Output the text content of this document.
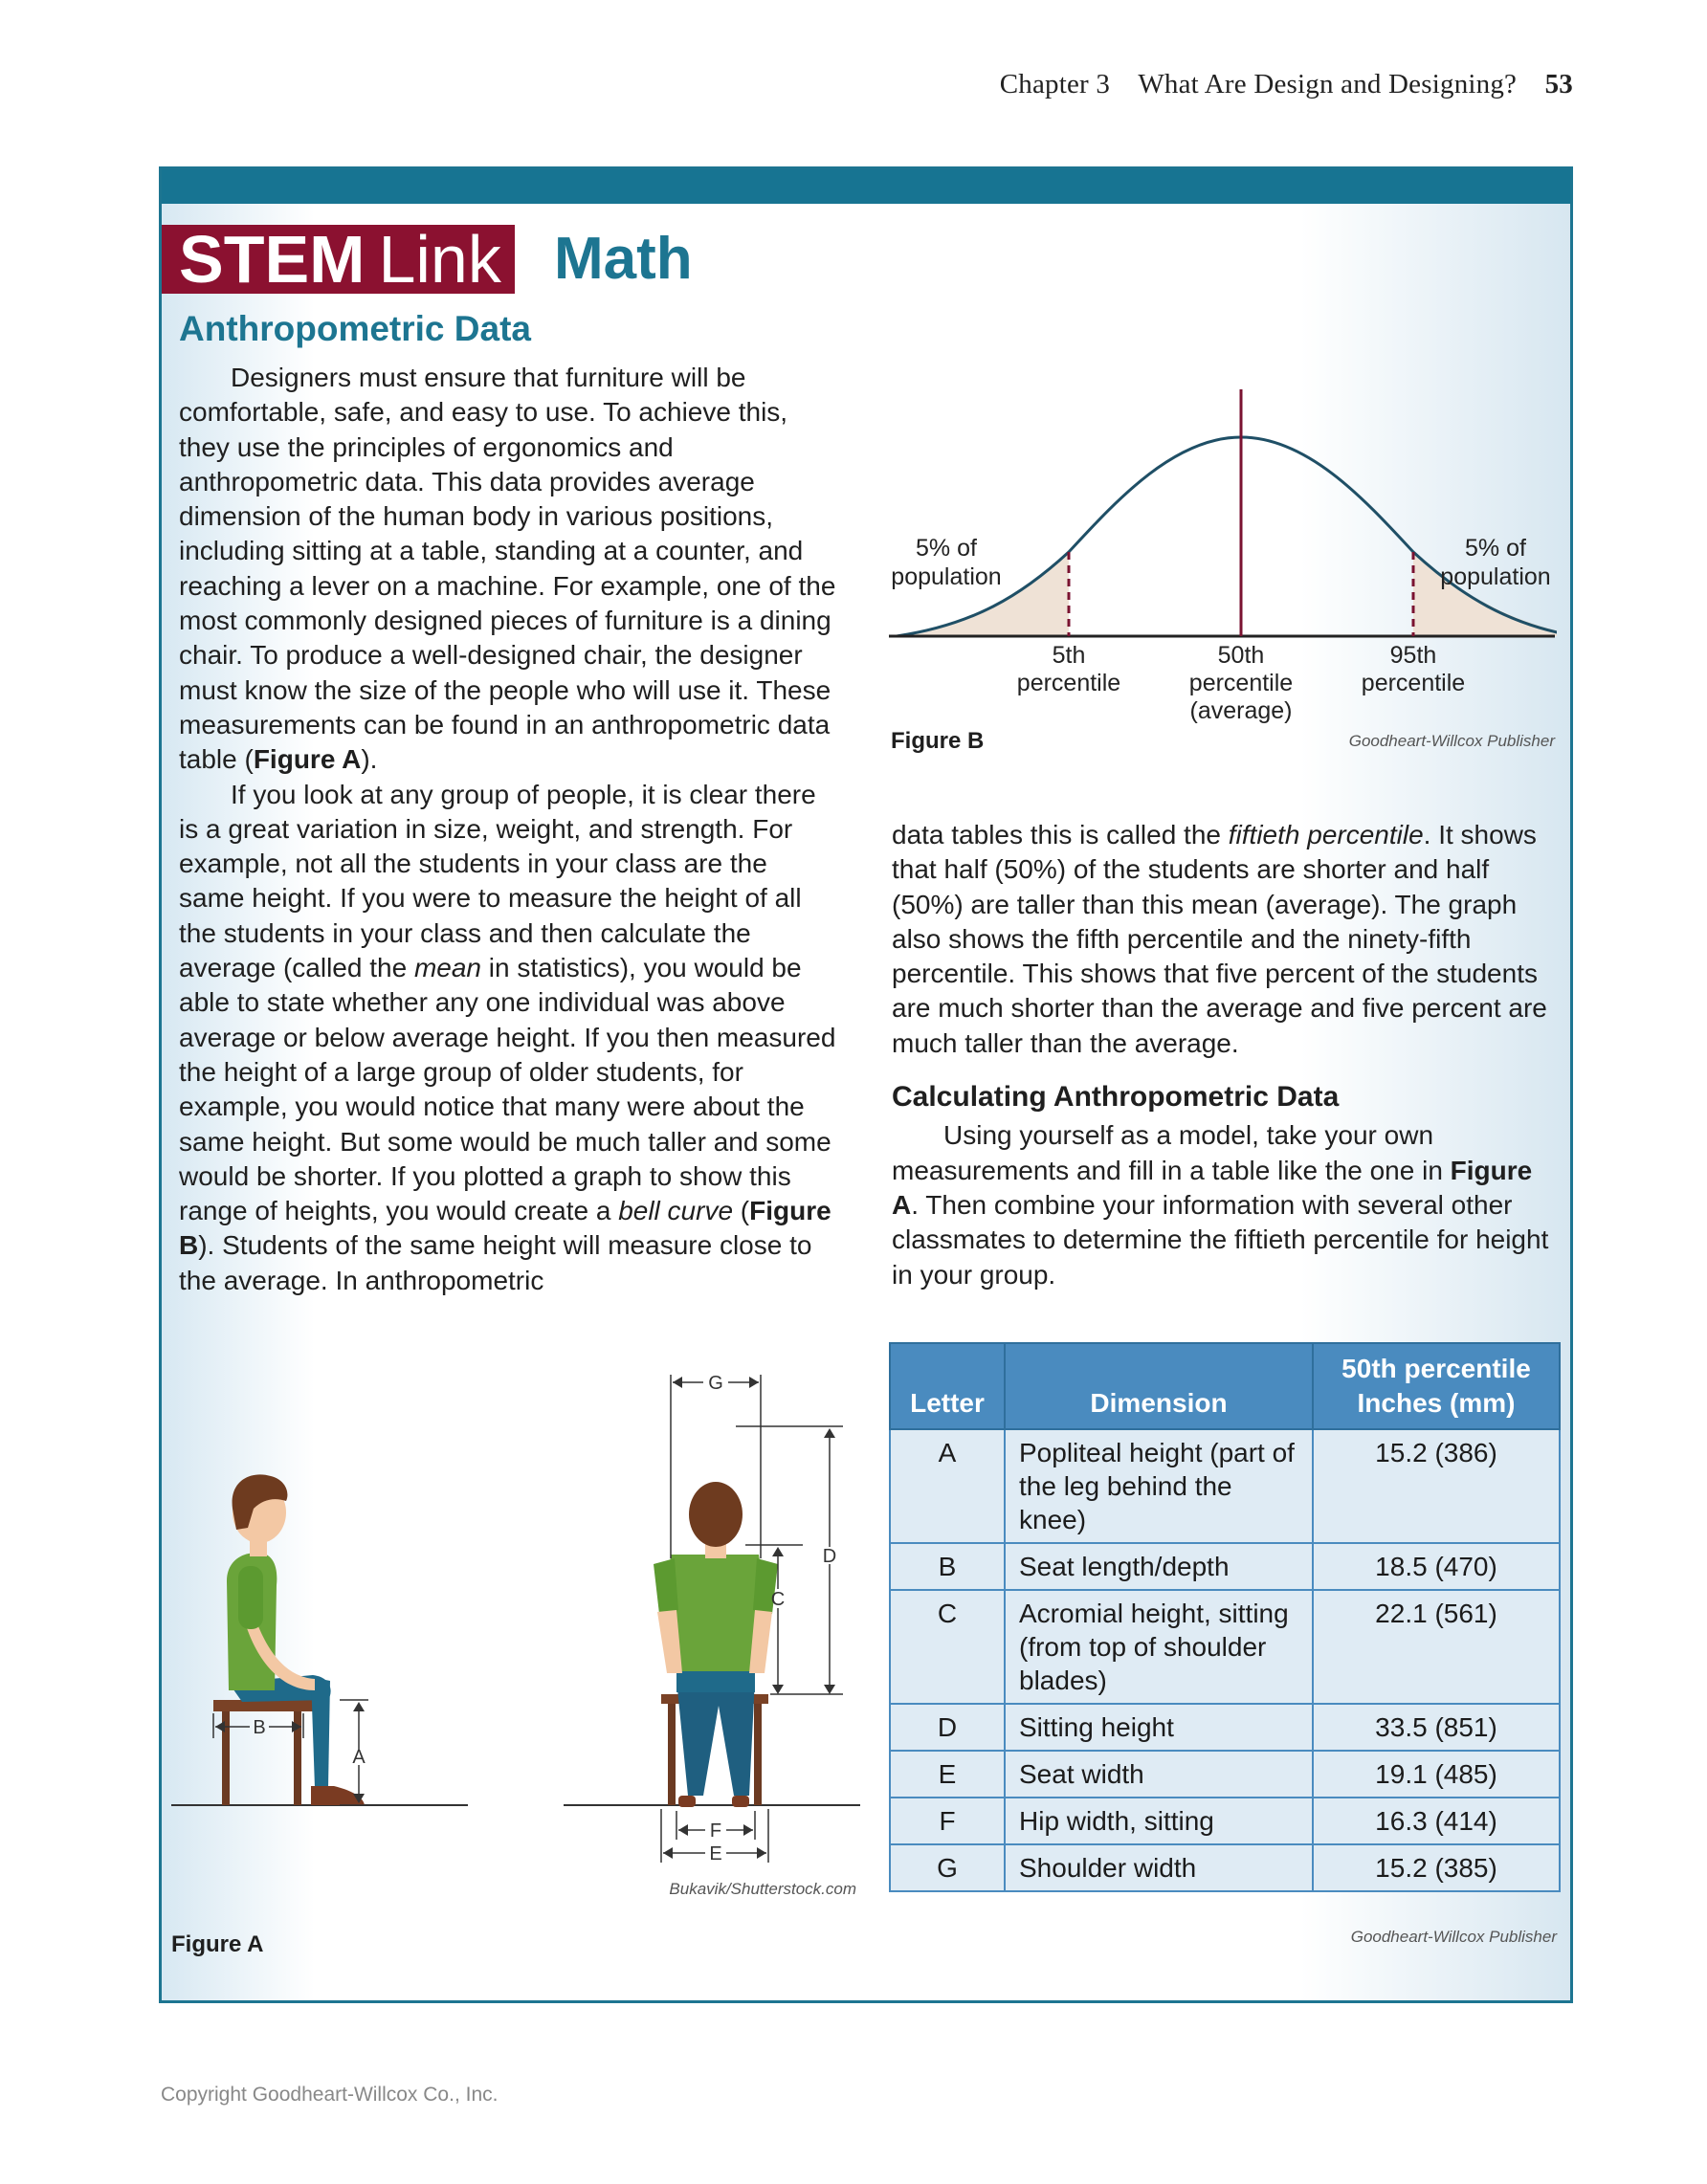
Chapter 3 What Are Design and Designing? 53
STEM Link Math
Anthropometric Data

Designers must ensure that furniture will be comfortable, safe, and easy to use. To achieve this, they use the principles of ergonomics and anthropometric data. This data provides average dimension of the human body in various positions, including sitting at a table, standing at a counter, and reaching a lever on a machine. For example, one of the most commonly designed pieces of furniture is a dining chair. To produce a well-designed chair, the designer must know the size of the people who will use it. These measurements can be found in an anthropometric data table (Figure A).

If you look at any group of people, it is clear there is a great variation in size, weight, and strength. For example, not all the students in your class are the same height. If you were to measure the height of all the students in your class and then calculate the average (called the mean in statistics), you would be able to state whether any one individual was above average or below average height. If you then measured the height of a large group of older students, for example, you would notice that many were about the same height. But some would be much taller and some would be shorter. If you plotted a graph to show this range of heights, you would create a bell curve (Figure B). Students of the same height will measure close to the average. In anthropometric

5% of
population
5% of
population
5th
percentile
50th
percentile
(average)
95th
percentile
Figure B	Goodheart-Willcox Publisher

data tables this is called the fiftieth percentile. It shows that half (50%) of the students are shorter and half (50%) are taller than this mean (average). The graph also shows the fifth percentile and the ninety-fifth percentile. This shows that five percent of the students are much shorter than the average and five percent are much taller than the average.

Calculating Anthropometric Data

Using yourself as a model, take your own measurements and fill in a table like the one in Figure A. Then combine your information with several other classmates to determine the fiftieth percentile for height in your group.

A
B
G
D
C
F
E
Bukavik/Shutterstock.com
Figure A
Letter	Dimension	50th percentile
Inches (mm)
A	Popliteal height (part of the leg behind the knee)	15.2 (386)
B	Seat length/depth	18.5 (470)
C	Acromial height, sitting (from top of shoulder blades)	22.1 (561)
D	Sitting height	33.5 (851)
E	Seat width	19.1 (485)
F	Hip width, sitting	16.3 (414)
G	Shoulder width	15.2 (385)
Goodheart-Willcox Publisher
Copyright Goodheart-Willcox Co., Inc.
